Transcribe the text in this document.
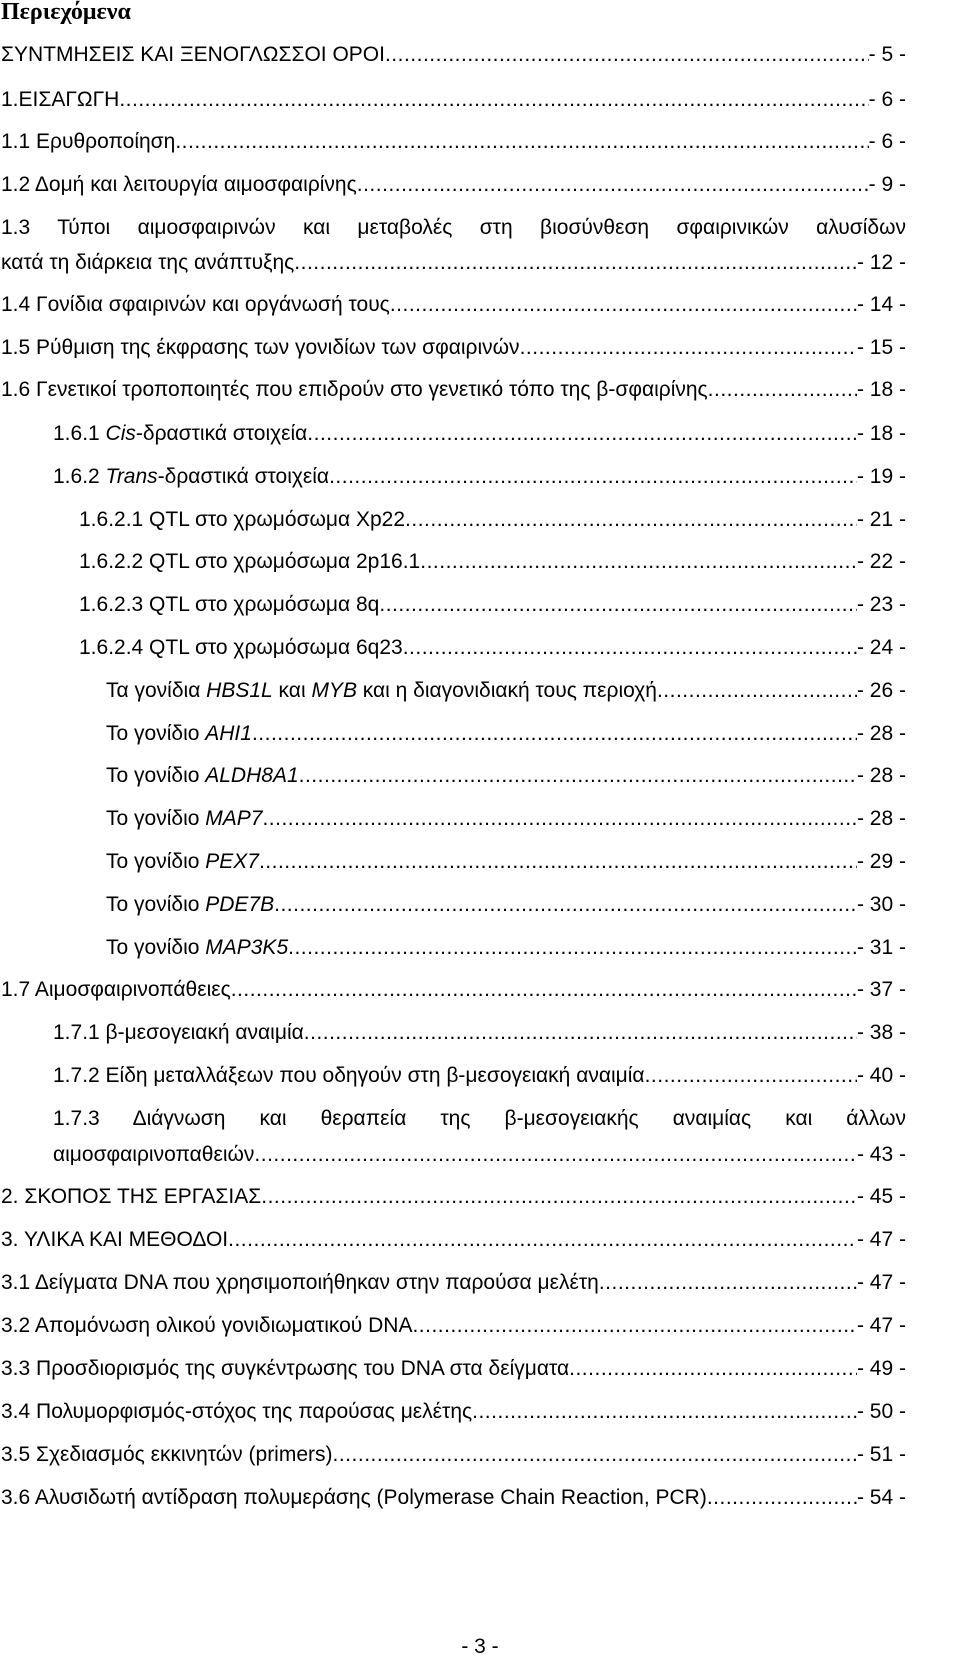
Περιεχόμενα
ΣΥΝΤΜΗΣΕΙΣ ΚΑΙ ΞΕΝΟΓΛΩΣΣΟΙ ΟΡΟΙ .....	- 5 -
1.ΕΙΣΑΓΩΓΗ .....	- 6 -
1.1 Ερυθροποίηση .....	- 6 -
1.2 Δομή και λειτουργία αιμοσφαιρίνης .....	- 9 -
1.3 Τύποι αιμοσφαιρινών και μεταβολές στη βιοσύνθεση σφαιρινικών αλυσίδων
κατά τη διάρκεια της ανάπτυξης .....	- 12 -
1.4 Γονίδια σφαιρινών και οργάνωσή τους .....	- 14 -
1.5 Ρύθμιση της έκφρασης των γονιδίων των σφαιρινών .....	- 15 -
1.6 Γενετικοί τροποποιητές που επιδρούν στο γενετικό τόπο της β-σφαιρίνης .....	- 18 -
1.6.1 Cis-δραστικά στοιχεία .....	- 18 -
1.6.2 Trans-δραστικά στοιχεία .....	- 19 -
1.6.2.1 QTL στο χρωμόσωμα Xp22 .....	- 21 -
1.6.2.2 QTL στο χρωμόσωμα 2p16.1 .....	- 22 -
1.6.2.3 QTL στο χρωμόσωμα 8q .....	- 23 -
1.6.2.4 QTL στο χρωμόσωμα 6q23 .....	- 24 -
Τα γονίδια HBS1L και MYB και η διαγονιδιακή τους περιοχή .....	- 26 -
Το γονίδιο AHI1 .....	- 28 -
Το γονίδιο ALDH8A1 .....	- 28 -
Το γονίδιο MAP7 .....	- 28 -
Το γονίδιο PEX7 .....	- 29 -
Το γονίδιο PDE7B .....	- 30 -
Το γονίδιο MAP3K5 .....	- 31 -
1.7 Αιμοσφαιρινοπάθειες .....	- 37 -
1.7.1 β-μεσογειακή αναιμία .....	- 38 -
1.7.2 Είδη μεταλλάξεων που οδηγούν στη β-μεσογειακή αναιμία .....	- 40 -
1.7.3 Διάγνωση και θεραπεία της β-μεσογειακής αναιμίας και άλλων
αιμοσφαιρινοπαθειών .....	- 43 -
2. ΣΚΟΠΟΣ ΤΗΣ ΕΡΓΑΣΙΑΣ .....	- 45 -
3. ΥΛΙΚΑ ΚΑΙ ΜΕΘΟΔΟΙ .....	- 47 -
3.1 Δείγματα DNA που χρησιμοποιήθηκαν στην παρούσα μελέτη .....	- 47 -
3.2 Απομόνωση ολικού γονιδιωματικού DNA .....	- 47 -
3.3 Προσδιορισμός της συγκέντρωσης του DNA στα δείγματα .....	- 49 -
3.4 Πολυμορφισμός-στόχος της παρούσας μελέτης .....	- 50 -
3.5 Σχεδιασμός εκκινητών (primers) .....	- 51 -
3.6 Αλυσιδωτή αντίδραση πολυμεράσης (Polymerase Chain Reaction, PCR) .....	- 54 -
- 3 -
